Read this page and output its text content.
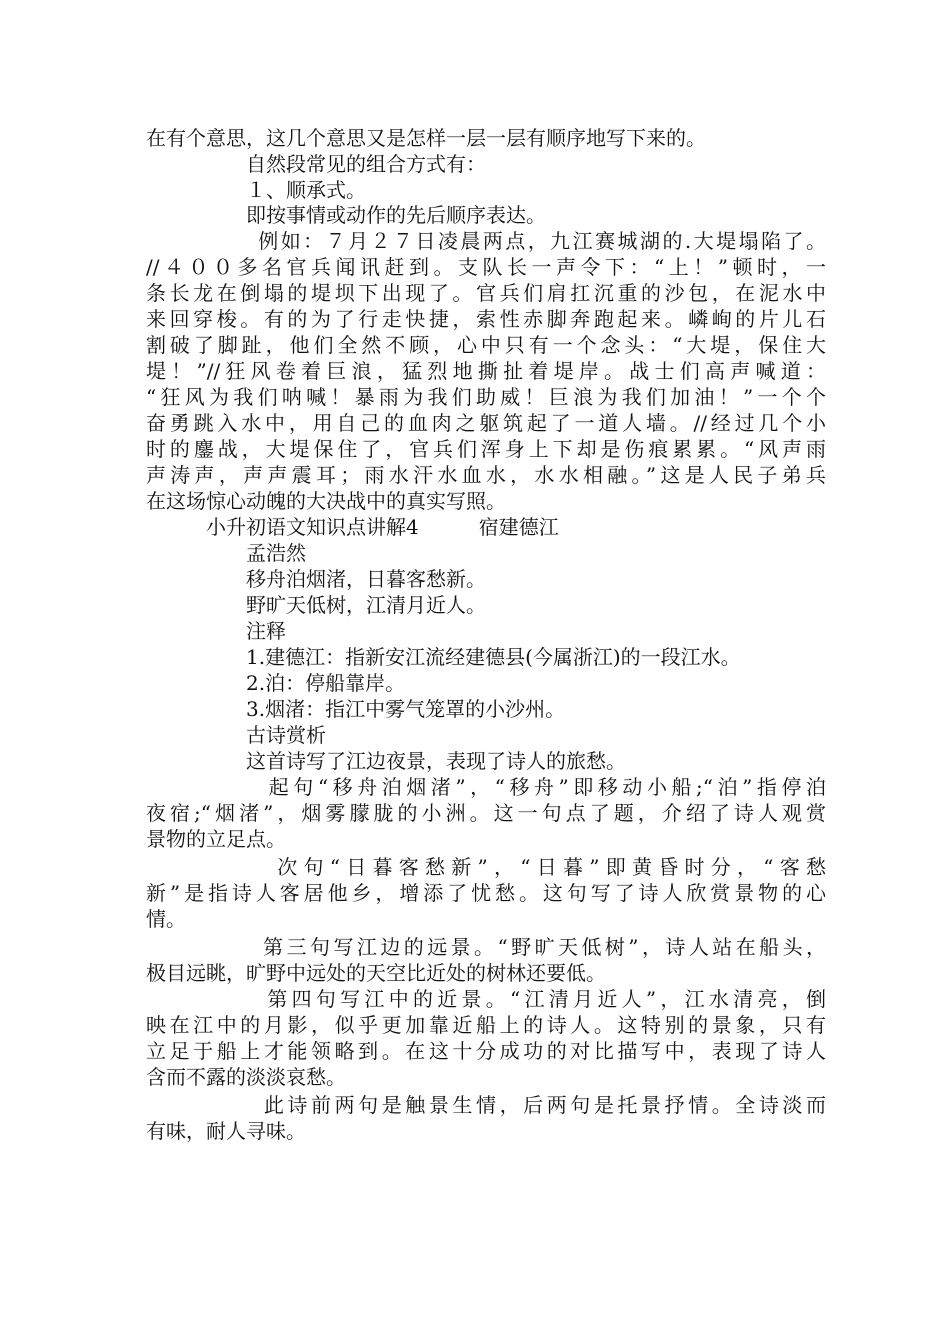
在有个意思，这几个意思又是怎样一层一层有顺序地写下来的。
　　　　　自然段常见的组合方式有：
　　　　　１、顺承式。
　　　　　即按事情或动作的先后顺序表达。
　　　　　例如：７月２７日凌晨两点，九江赛城湖的.大堤塌陷了。
//４００多名官兵闻讯赶到。支队长一声令下：“上！”顿时，一
条长龙在倒塌的堤坝下出现了。官兵们肩扛沉重的沙包，在泥水中
来回穿梭。有的为了行走快捷，索性赤脚奔跑起来。嶙峋的片儿石
割破了脚趾，他们全然不顾，心中只有一个念头：“大堤，保住大
堤！”//狂风卷着巨浪，猛烈地撕扯着堤岸。战士们高声喊道：
“狂风为我们呐喊！暴雨为我们助威！巨浪为我们加油！”一个个
奋勇跳入水中，用自己的血肉之躯筑起了一道人墙。//经过几个小
时的鏖战，大堤保住了，官兵们浑身上下却是伤痕累累。“风声雨
声涛声，声声震耳；雨水汗水血水，水水相融。”这是人民子弟兵
在这场惊心动魄的大决战中的真实写照。
　　　小升初语文知识点讲解4　　　宿建德江
　　　　　孟浩然
　　　　　移舟泊烟渚，日暮客愁新。
　　　　　野旷天低树，江清月近人。
　　　　　注释
　　　　　1.建德江：指新安江流经建德县(今属浙江)的一段江水。
　　　　　2.泊：停船靠岸。
　　　　　3.烟渚：指江中雾气笼罩的小沙州。
　　　　　古诗赏析
　　　　　这首诗写了江边夜景，表现了诗人的旅愁。
　　　　　起句“移舟泊烟渚”，“移舟”即移动小船;“泊”指停泊
夜宿;“烟渚”，烟雾朦胧的小洲。这一句点了题，介绍了诗人观赏
景物的立足点。
　　　　　次句“日暮客愁新”，“日暮”即黄昏时分，“客愁
新”是指诗人客居他乡，增添了忧愁。这句写了诗人欣赏景物的心
情。
　　　　　第三句写江边的远景。“野旷天低树”，诗人站在船头，
极目远眺，旷野中远处的天空比近处的树林还要低。
　　　　　第四句写江中的近景。“江清月近人”，江水清亮，倒
映在江中的月影，似乎更加靠近船上的诗人。这特别的景象，只有
立足于船上才能领略到。在这十分成功的对比描写中，表现了诗人
含而不露的淡淡哀愁。
　　　　　此诗前两句是触景生情，后两句是托景抒情。全诗淡而
有味，耐人寻味。
